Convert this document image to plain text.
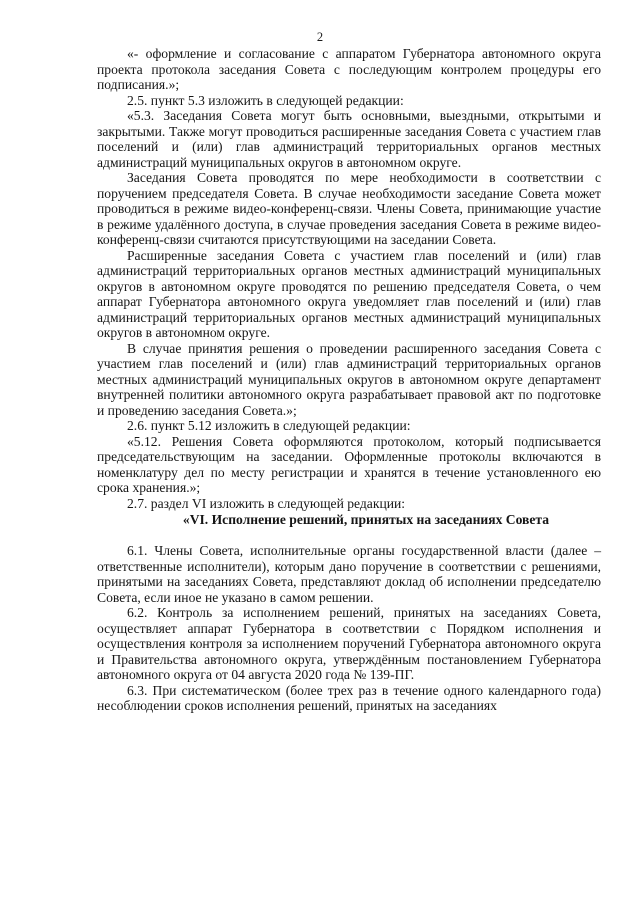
2

«- оформление и согласование с аппаратом Губернатора автономного округа проекта протокола заседания Совета с последующим контролем процедуры его подписания.»;

2.5. пункт 5.3 изложить в следующей редакции:

«5.3. Заседания Совета могут быть основными, выездными, открытыми и закрытыми. Также могут проводиться расширенные заседания Совета с участием глав поселений и (или) глав администраций территориальных органов местных администраций муниципальных округов в автономном округе.

Заседания Совета проводятся по мере необходимости в соответствии с поручением председателя Совета. В случае необходимости заседание Совета может проводиться в режиме видео-конференц-связи. Члены Совета, принимающие участие в режиме удалённого доступа, в случае проведения заседания Совета в режиме видео-конференц-связи считаются присутствующими на заседании Совета.

Расширенные заседания Совета с участием глав поселений и (или) глав администраций территориальных органов местных администраций муниципальных округов в автономном округе проводятся по решению председателя Совета, о чем аппарат Губернатора автономного округа уведомляет глав поселений и (или) глав администраций территориальных органов местных администраций муниципальных округов в автономном округе.

В случае принятия решения о проведении расширенного заседания Совета с участием глав поселений и (или) глав администраций территориальных органов местных администраций муниципальных округов в автономном округе департамент внутренней политики автономного округа разрабатывает правовой акт по подготовке и проведению заседания Совета.»;

2.6. пункт 5.12 изложить в следующей редакции:

«5.12. Решения Совета оформляются протоколом, который подписывается председательствующим на заседании. Оформленные протоколы включаются в номенклатуру дел по месту регистрации и хранятся в течение установленного ею срока хранения.»;

2.7. раздел VI изложить в следующей редакции:

«VI. Исполнение решений, принятых на заседаниях Совета

6.1. Члены Совета, исполнительные органы государственной власти (далее – ответственные исполнители), которым дано поручение в соответствии с решениями, принятыми на заседаниях Совета, представляют доклад об исполнении председателю Совета, если иное не указано в самом решении.

6.2. Контроль за исполнением решений, принятых на заседаниях Совета, осуществляет аппарат Губернатора в соответствии с Порядком исполнения и осуществления контроля за исполнением поручений Губернатора автономного округа и Правительства автономного округа, утверждённым постановлением Губернатора автономного округа от 04 августа 2020 года № 139-ПГ.

6.3. При систематическом (более трех раз в течение одного календарного года) несоблюдении сроков исполнения решений, принятых на заседаниях
